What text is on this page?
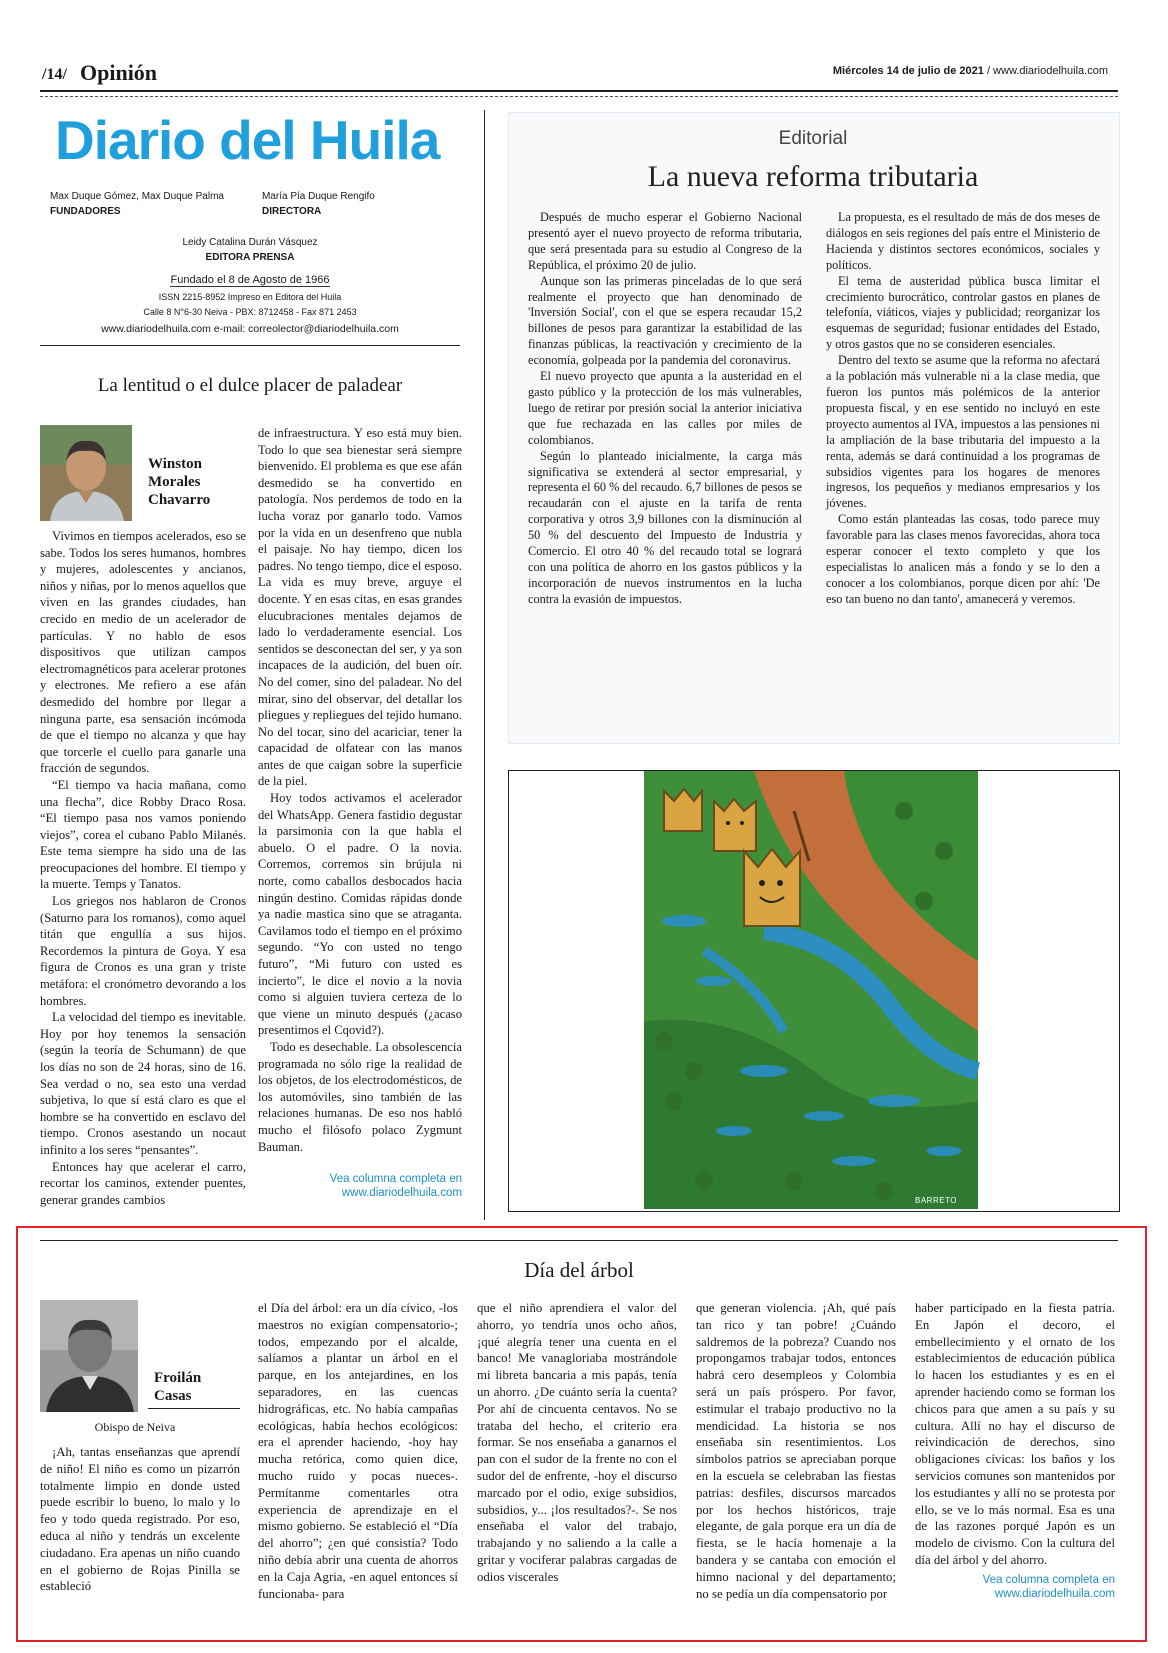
/14/ Opinión	Miércoles 14 de julio de 2021 / www.diariodelhuila.com
Diario del Huila
Max Duque Gómez, Max Duque Palma
FUNDADORES
María Pía Duque Rengifo
DIRECTORA
Leidy Catalina Durán Vásquez
EDITORA PRENSA
Fundado el 8 de Agosto de 1966
ISSN 2215-8952 Impreso en Editora del Huila
Calle 8 N°6-30 Neiva - PBX: 8712458 - Fax 871 2453
www.diariodelhuila.com e-mail: correolector@diariodelhuila.com
Editorial
La nueva reforma tributaria

Después de mucho esperar el Gobierno Nacional presentó ayer el nuevo proyecto de reforma tributaria, que será presentada para su estudio al Congreso de la República, el próximo 20 de julio.

Aunque son las primeras pinceladas de lo que será realmente el proyecto que han denominado de 'Inversión Social', con el que se espera recaudar 15,2 billones de pesos para garantizar la estabilidad de las finanzas públicas, la reactivación y crecimiento de la economía, golpeada por la pandemia del coronavirus.

El nuevo proyecto que apunta a la austeridad en el gasto público y la protección de los más vulnerables, luego de retirar por presión social la anterior iniciativa que fue rechazada en las calles por miles de colombianos.

Según lo planteado inicialmente, la carga más significativa se extenderá al sector empresarial, y representa el 60 % del recaudo. 6,7 billones de pesos se recaudarán con el ajuste en la tarifa de renta corporativa y otros 3,9 billones con la disminución al 50 % del descuento del Impuesto de Industria y Comercio. El otro 40 % del recaudo total se logrará con una política de ahorro en los gastos públicos y la incorporación de nuevos instrumentos en la lucha contra la evasión de impuestos.

La propuesta, es el resultado de más de dos meses de diálogos en seis regiones del país entre el Ministerio de Hacienda y distintos sectores económicos, sociales y políticos.

El tema de austeridad pública busca limitar el crecimiento burocrático, controlar gastos en planes de telefonía, viáticos, viajes y publicidad; reorganizar los esquemas de seguridad; fusionar entidades del Estado, y otros gastos que no se consideren esenciales.

Dentro del texto se asume que la reforma no afectará a la población más vulnerable ni a la clase media, que fueron los puntos más polémicos de la anterior propuesta fiscal, y en ese sentido no incluyó en este proyecto aumentos al IVA, impuestos a las pensiones ni la ampliación de la base tributaria del impuesto a la renta, además se dará continuidad a los programas de subsidios vigentes para los hogares de menores ingresos, los pequeños y medianos empresarios y los jóvenes.

Como están planteadas las cosas, todo parece muy favorable para las clases menos favorecidas, ahora toca esperar conocer el texto completo y que los especialistas lo analicen más a fondo y se lo den a conocer a los colombianos, porque dicen por ahí: 'De eso tan bueno no dan tanto', amanecerá y veremos.

La lentitud o el dulce placer de paladear
Winston
Morales
Chavarro

Vivimos en tiempos acelerados, eso se sabe. Todos los seres humanos, hombres y mujeres, adolescentes y ancianos, niños y niñas, por lo menos aquellos que viven en las grandes ciudades, han crecido en medio de un acelerador de partículas. Y no hablo de esos dispositivos que utilizan campos electromagnéticos para acelerar protones y electrones. Me refiero a ese afán desmedido del hombre por llegar a ninguna parte, esa sensación incómoda de que el tiempo no alcanza y que hay que torcerle el cuello para ganarle una fracción de segundos.

“El tiempo va hacia mañana, como una flecha”, dice Robby Draco Rosa. “El tiempo pasa nos vamos poniendo viejos”, corea el cubano Pablo Milanés. Este tema siempre ha sido una de las preocupaciones del hombre. El tiempo y la muerte. Temps y Tanatos.

Los griegos nos hablaron de Cronos (Saturno para los romanos), como aquel titán que engullía a sus hijos. Recordemos la pintura de Goya. Y esa figura de Cronos es una gran y triste metáfora: el cronómetro devorando a los hombres.

La velocidad del tiempo es inevitable. Hoy por hoy tenemos la sensación (según la teoría de Schumann) de que los días no son de 24 horas, sino de 16. Sea verdad o no, sea esto una verdad subjetiva, lo que sí está claro es que el hombre se ha convertido en esclavo del tiempo. Cronos asestando un nocaut infinito a los seres “pensantes”.

Entonces hay que acelerar el carro, recortar los caminos, extender puentes, generar grandes cambios

de infraestructura. Y eso está muy bien. Todo lo que sea bienestar será siempre bienvenido. El problema es que ese afán desmedido se ha convertido en patología. Nos perdemos de todo en la lucha voraz por ganarlo todo. Vamos por la vida en un desenfreno que nubla el paisaje. No hay tiempo, dicen los padres. No tengo tiempo, dice el esposo. La vida es muy breve, arguye el docente. Y en esas citas, en esas grandes elucubraciones mentales dejamos de lado lo verdaderamente esencial. Los sentidos se desconectan del ser, y ya son incapaces de la audición, del buen oír. No del comer, sino del paladear. No del mirar, sino del observar, del detallar los pliegues y repliegues del tejido humano. No del tocar, sino del acariciar, tener la capacidad de olfatear con las manos antes de que caigan sobre la superficie de la piel.

Hoy todos activamos el acelerador del WhatsApp. Genera fastidio degustar la parsimonia con la que habla el abuelo. O el padre. O la novia. Corremos, corremos sin brújula ni norte, como caballos desbocados hacia ningún destino. Comidas rápidas donde ya nadie mastica sino que se atraganta. Cavilamos todo el tiempo en el próximo segundo. “Yo con usted no tengo futuro”, “Mi futuro con usted es incierto”, le dice el novio a la novia como si alguien tuviera certeza de lo que viene un minuto después (¿acaso presentimos el Cqovid?).

Todo es desechable. La obsolescencia programada no sólo rige la realidad de los objetos, de los electrodomésticos, de los automóviles, sino también de las relaciones humanas. De eso nos habló mucho el filósofo polaco Zygmunt Bauman.

Vea columna completa en
www.diariodelhuila.com
BARRETO
Día del árbol
Froilán
Casas
Obispo de Neiva

¡Ah, tantas enseñanzas que aprendí de niño! El niño es como un pizarrón totalmente limpio en donde usted puede escribir lo bueno, lo malo y lo feo y todo queda registrado. Por eso, educa al niño y tendrás un excelente ciudadano. Era apenas un niño cuando en el gobierno de Rojas Pinilla se estableció

el Día del árbol: era un día cívico, -los maestros no exigían compensatorio-; todos, empezando por el alcalde, salíamos a plantar un árbol en el parque, en los antejardines, en los separadores, en las cuencas hidrográficas, etc. No había campañas ecológicas, había hechos ecológicos: era el aprender haciendo, -hoy hay mucha retórica, como quien dice, mucho ruido y pocas nueces-. Permítanme comentarles otra experiencia de aprendizaje en el mismo gobierno. Se estableció el “Día del ahorro”; ¿en qué consistía? Todo niño debía abrir una cuenta de ahorros en la Caja Agria, -en aquel entonces sí funcionaba- para

que el niño aprendiera el valor del ahorro, yo tendría unos ocho años, ¡qué alegría tener una cuenta en el banco! Me vanagloriaba mostrándole mi libreta bancaria a mis papás, tenía un ahorro. ¿De cuánto sería la cuenta? Por ahí de cincuenta centavos. No se trataba del hecho, el criterio era formar. Se nos enseñaba a ganarnos el pan con el sudor de la frente no con el sudor del de enfrente, -hoy el discurso marcado por el odio, exige subsidios, subsidios, y... ¡los resultados?-. Se nos enseñaba el valor del trabajo, trabajando y no saliendo a la calle a gritar y vociferar palabras cargadas de odios viscerales

que generan violencia. ¡Ah, qué país tan rico y tan pobre! ¿Cuándo saldremos de la pobreza? Cuando nos propongamos trabajar todos, entonces habrá cero desempleos y Colombia será un país próspero. Por favor, estimular el trabajo productivo no la mendicidad. La historia se nos enseñaba sin resentimientos. Los símbolos patrios se apreciaban porque en la escuela se celebraban las fiestas patrias: desfiles, discursos marcados por los hechos históricos, traje elegante, de gala porque era un día de fiesta, se le hacía homenaje a la bandera y se cantaba con emoción el himno nacional y del departamento; no se pedía un día compensatorio por

haber participado en la fiesta patria. En Japón el decoro, el embellecimiento y el ornato de los establecimientos de educación pública lo hacen los estudiantes y es en el aprender haciendo como se forman los chicos para que amen a su país y su cultura. Allí no hay el discurso de reivindicación de derechos, sino obligaciones cívicas: los baños y los servicios comunes son mantenidos por los estudiantes y allí no se protesta por ello, se ve lo más normal. Esa es una de las razones porqué Japón es un modelo de civismo. Con la cultura del día del árbol y del ahorro.

Vea columna completa en
www.diariodelhuila.com
